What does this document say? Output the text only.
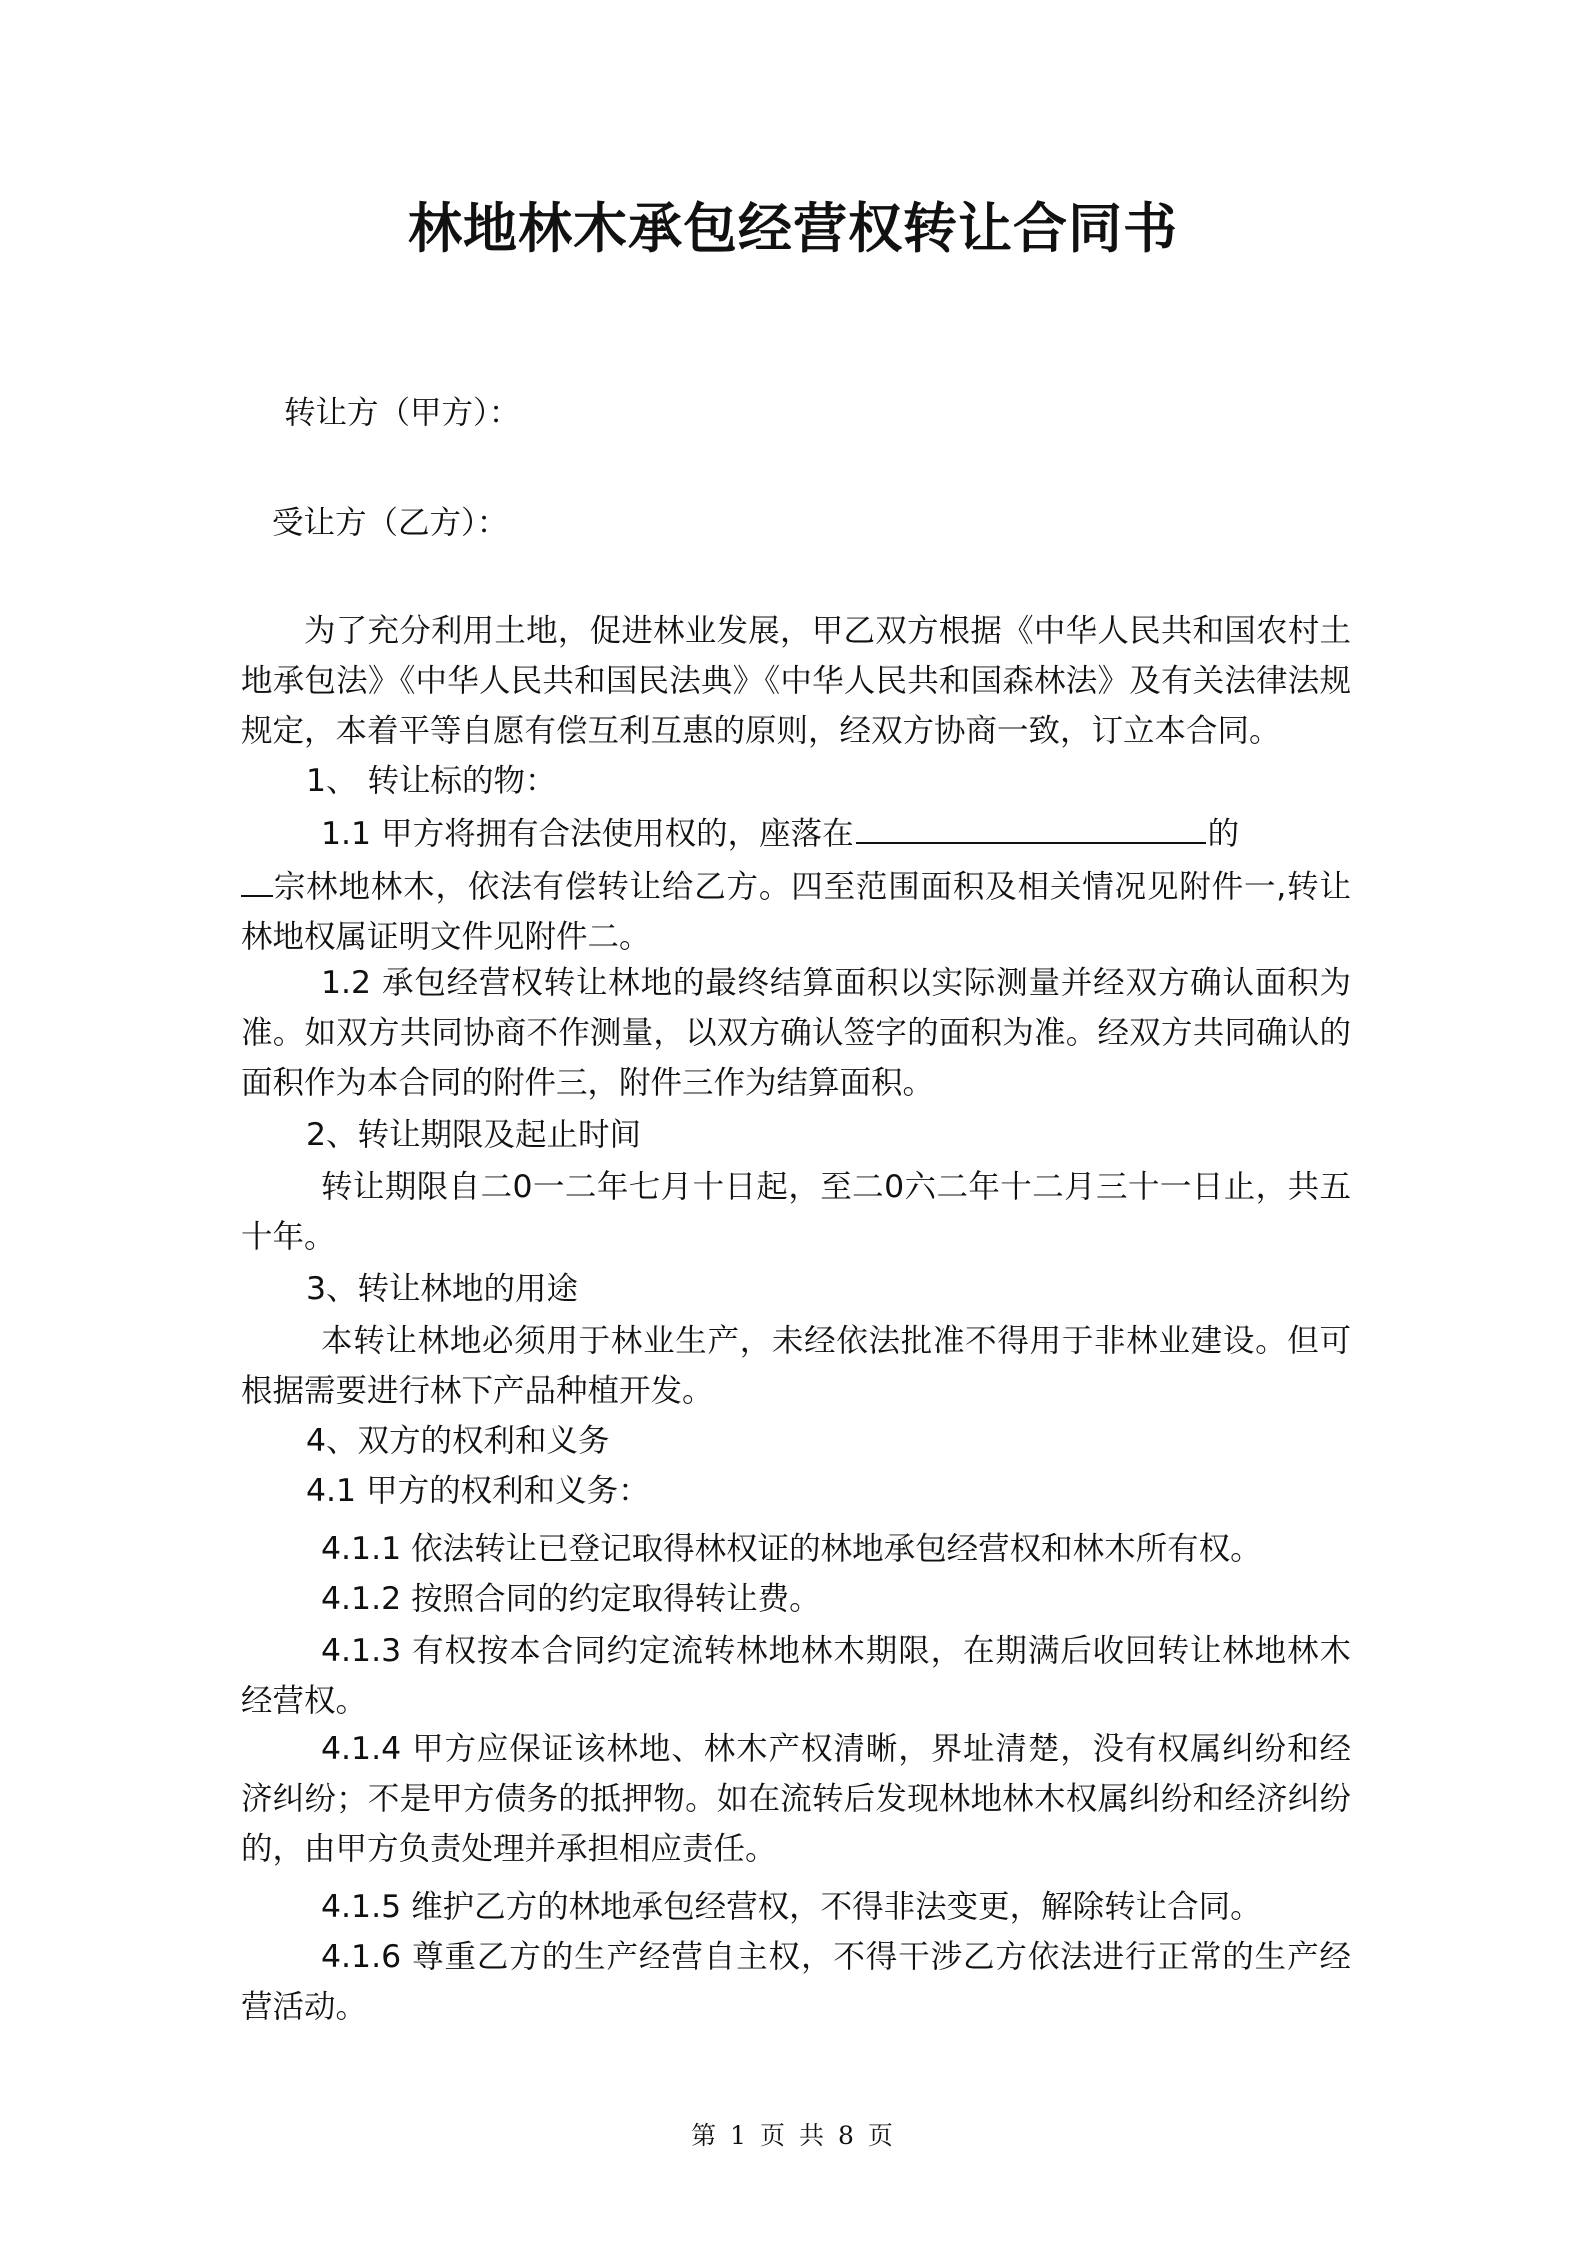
林地林木承包经营权转让合同书
转让方（甲方）：
受让方（乙方）：
为了充分利用土地，促进林业发展，甲乙双方根据《中华人民共和国农村土地承包法》《中华人民共和国民法典》《中华人民共和国森林法》及有关法律法规规定，本着平等自愿有偿互利互惠的原则，经双方协商一致，订立本合同。
1、 转让标的物：
1.1 甲方将拥有合法使用权的，座落在	的
宗林地林木，依法有偿转让给乙方。四至范围面积及相关情况见附件一,转让林地权属证明文件见附件二。
1.2 承包经营权转让林地的最终结算面积以实际测量并经双方确认面积为准。如双方共同协商不作测量，以双方确认签字的面积为准。经双方共同确认的面积作为本合同的附件三，附件三作为结算面积。
2、转让期限及起止时间
转让期限自二0一二年七月十日起，至二0六二年十二月三十一日止，共五十年。
3、转让林地的用途
本转让林地必须用于林业生产，未经依法批准不得用于非林业建设。但可根据需要进行林下产品种植开发。
4、双方的权利和义务
4.1 甲方的权利和义务：
4.1.1 依法转让已登记取得林权证的林地承包经营权和林木所有权。
4.1.2 按照合同的约定取得转让费。
4.1.3 有权按本合同约定流转林地林木期限，在期满后收回转让林地林木经营权。
4.1.4 甲方应保证该林地、林木产权清晰，界址清楚，没有权属纠纷和经济纠纷；不是甲方债务的抵押物。如在流转后发现林地林木权属纠纷和经济纠纷的，由甲方负责处理并承担相应责任。
4.1.5 维护乙方的林地承包经营权，不得非法变更，解除转让合同。
4.1.6 尊重乙方的生产经营自主权，不得干涉乙方依法进行正常的生产经营活动。
第 1 页 共 8 页
